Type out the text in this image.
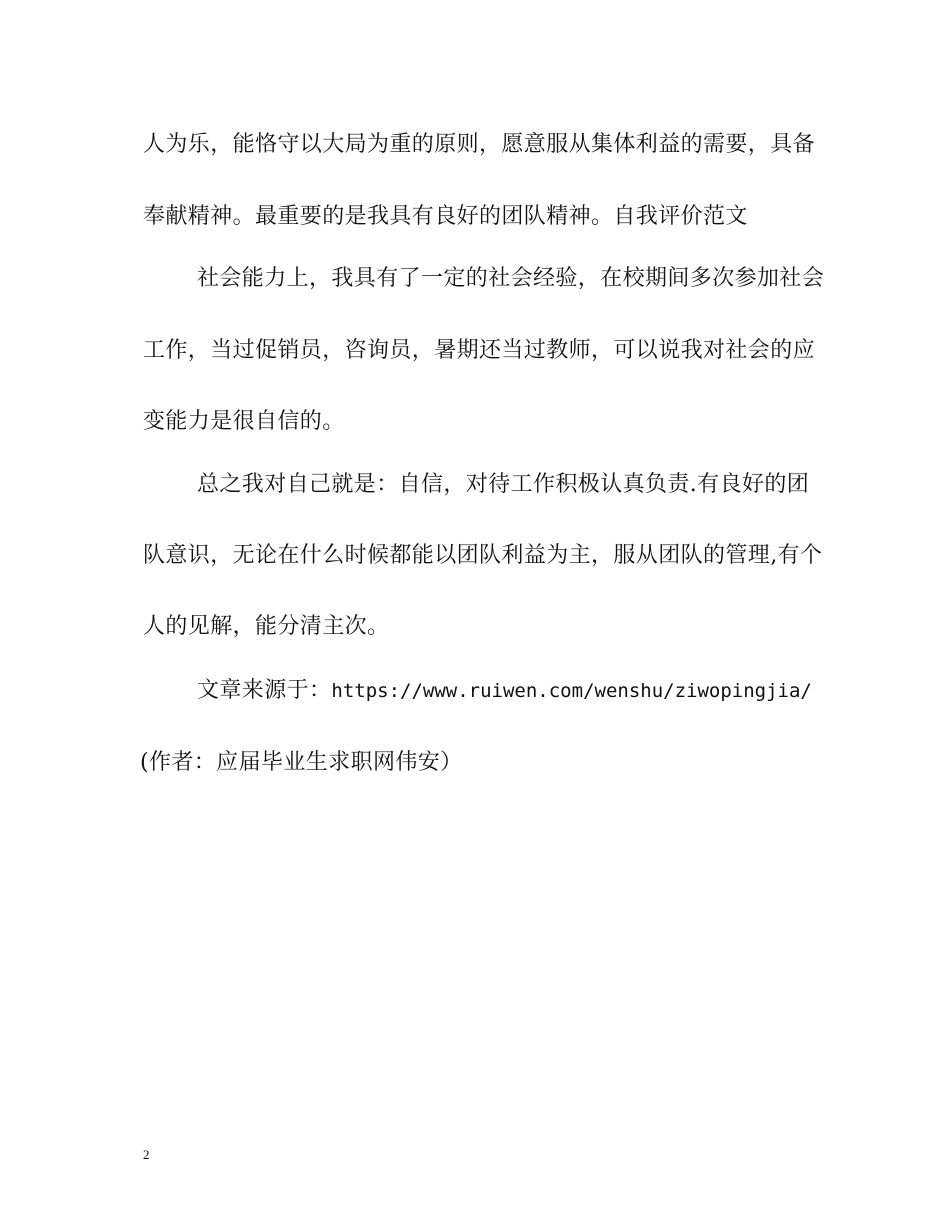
人为乐，能恪守以大局为重的原则，愿意服从集体利益的需要，具备
奉献精神。最重要的是我具有良好的团队精神。自我评价范文
社会能力上，我具有了一定的社会经验，在校期间多次参加社会
工作，当过促销员，咨询员，暑期还当过教师，可以说我对社会的应
变能力是很自信的。
总之我对自己就是：自信，对待工作积极认真负责.有良好的团
队意识，无论在什么时候都能以团队利益为主，服从团队的管理,有个
人的见解，能分清主次。
文章来源于：https://www.ruiwen.com/wenshu/ziwopingjia/
(作者：应届毕业生求职网伟安）
2
